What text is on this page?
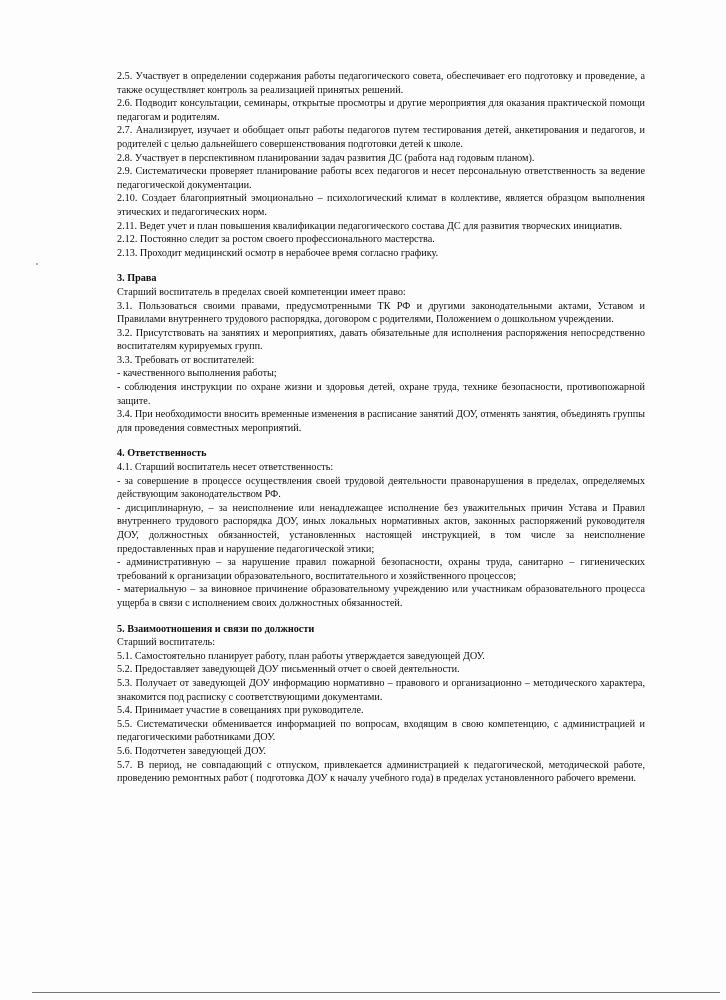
2.5. Участвует в определении содержания работы педагогического совета, обеспечивает его подготовку и проведение, а также осуществляет контроль за реализацией принятых решений.

2.6. Подводит консультации, семинары, открытые просмотры и другие мероприятия для оказания практической помощи педагогам и родителям.

2.7. Анализирует, изучает и обобщает опыт работы педагогов путем тестирования детей, анкетирования и педагогов, и родителей с целью дальнейшего совершенствования подготовки детей к школе.

2.8. Участвует в перспективном планировании задач развития ДС (работа над годовым планом).

2.9. Систематически проверяет планирование работы всех педагогов и несет персональную ответственность за ведение педагогической документации.

2.10. Создает благоприятный эмоционально – психологический климат в коллективе, является образцом выполнения этических и педагогических норм.

2.11. Ведет учет и план повышения квалификации педагогического состава ДС для развития творческих инициатив.

2.12. Постоянно следит за ростом своего профессионального мастерства.

2.13. Проходит медицинский осмотр в нерабочее время согласно графику.

3. Права

Старший воспитатель в пределах своей компетенции имеет право:

3.1. Пользоваться своими правами, предусмотренными ТК РФ и другими законодательными актами, Уставом и Правилами внутреннего трудового распорядка, договором с родителями, Положением о дошкольном учреждении.

3.2. Присутствовать на занятиях и мероприятиях, давать обязательные для исполнения распоряжения непосредственно воспитателям курируемых групп.

3.3. Требовать от воспитателей:

- качественного выполнения работы;

- соблюдения инструкции по охране жизни и здоровья детей, охране труда, технике безопасности, противопожарной защите.

3.4. При необходимости вносить временные изменения в расписание занятий ДОУ, отменять занятия, объединять группы для проведения совместных мероприятий.

4. Ответственность

4.1. Старший воспитатель несет ответственность:

- за совершение в процессе осуществления своей трудовой деятельности правонарушения в пределах, определяемых действующим законодательством РФ.

- дисциплинарную, – за неисполнение или ненадлежащее исполнение без уважительных причин Устава и Правил внутреннего трудового распорядка ДОУ, иных локальных нормативных актов, законных распоряжений руководителя ДОУ, должностных обязанностей, установленных настоящей инструкцией, в том числе за неисполнение предоставленных прав и нарушение педагогической этики;

- административную – за нарушение правил пожарной безопасности, охраны труда, санитарно – гигиенических требований к организации образовательного, воспитательного и хозяйственного процессов;

- материальную – за виновное причинение образовательному учреждению или участникам образовательного процесса ущерба в связи с исполнением своих должностных обязанностей.

5. Взаимоотношения и связи по должности

Старший воспитатель:

5.1. Самостоятельно планирует работу, план работы утверждается заведующей ДОУ.

5.2. Предоставляет заведующей ДОУ письменный отчет о своей деятельности.

5.3. Получает от заведующей ДОУ информацию нормативно – правового и организационно – методического характера, знакомится под расписку с соответствующими документами.

5.4. Принимает участие в совещаниях при руководителе.

5.5. Систематически обменивается информацией по вопросам, входящим в свою компетенцию, с администрацией и педагогическими работниками ДОУ.

5.6. Подотчетен заведующей ДОУ.

5.7. В период, не совпадающий с отпуском, привлекается администрацией к педагогической, методической работе, проведению ремонтных работ ( подготовка ДОУ к началу учебного года) в пределах установленного рабочего времени.
